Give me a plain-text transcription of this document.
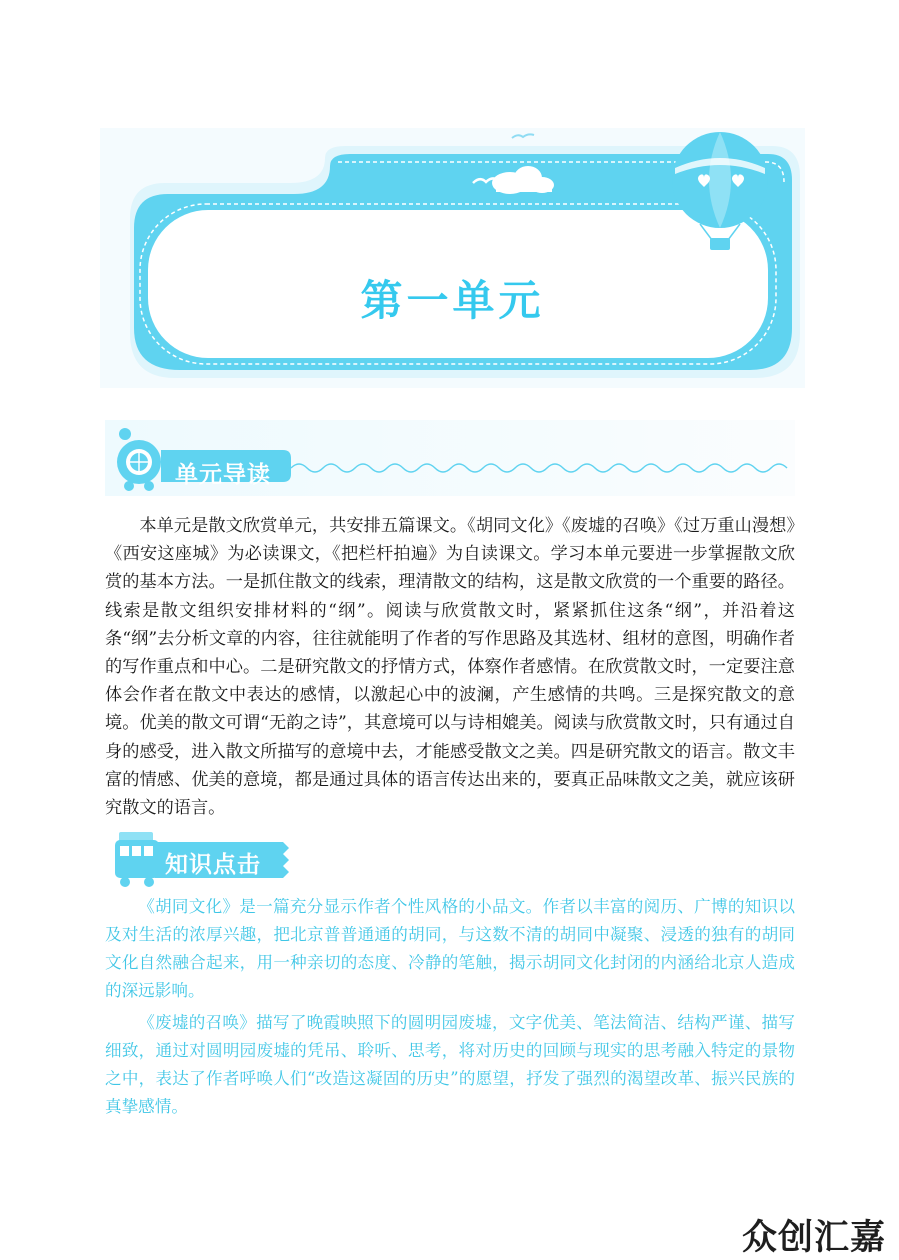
第一单元
单元导读

本单元是散文欣赏单元，共安排五篇课文。《胡同文化》《废墟的召唤》《过万重山漫想》《西安这座城》为必读课文，《把栏杆拍遍》为自读课文。学习本单元要进一步掌握散文欣赏的基本方法。一是抓住散文的线索，理清散文的结构，这是散文欣赏的一个重要的路径。线索是散文组织安排材料的“纲”。阅读与欣赏散文时，紧紧抓住这条“纲”，并沿着这条“纲”去分析文章的内容，往往就能明了作者的写作思路及其选材、组材的意图，明确作者的写作重点和中心。二是研究散文的抒情方式，体察作者感情。在欣赏散文时，一定要注意体会作者在散文中表达的感情，以激起心中的波澜，产生感情的共鸣。三是探究散文的意境。优美的散文可谓“无韵之诗”，其意境可以与诗相媲美。阅读与欣赏散文时，只有通过自身的感受，进入散文所描写的意境中去，才能感受散文之美。四是研究散文的语言。散文丰富的情感、优美的意境，都是通过具体的语言传达出来的，要真正品味散文之美，就应该研究散文的语言。

知识点击

《胡同文化》是一篇充分显示作者个性风格的小品文。作者以丰富的阅历、广博的知识以及对生活的浓厚兴趣，把北京普普通通的胡同，与这数不清的胡同中凝聚、浸透的独有的胡同文化自然融合起来，用一种亲切的态度、冷静的笔触，揭示胡同文化封闭的内涵给北京人造成的深远影响。

《废墟的召唤》描写了晚霞映照下的圆明园废墟，文字优美、笔法简洁、结构严谨、描写细致，通过对圆明园废墟的凭吊、聆听、思考，将对历史的回顾与现实的思考融入特定的景物之中，表达了作者呼唤人们“改造这凝固的历史”的愿望，抒发了强烈的渴望改革、振兴民族的真挚感情。

众创汇嘉
